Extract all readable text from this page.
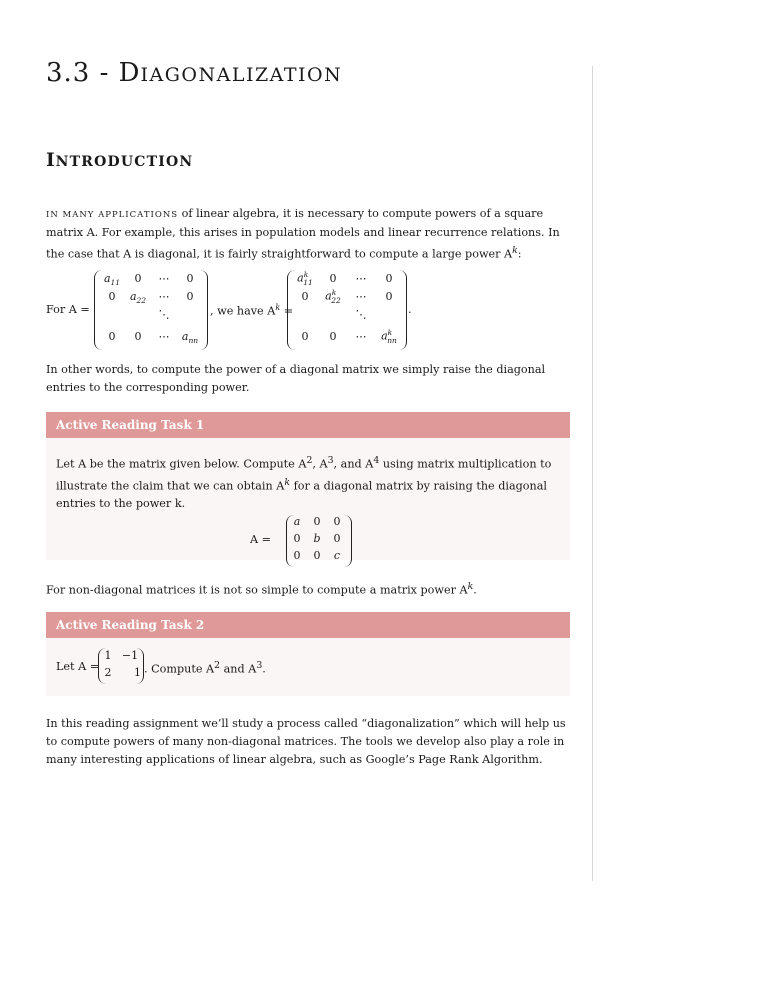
3.3 - DIAGONALIZATION
INTRODUCTION

IN MANY APPLICATIONS of linear algebra, it is necessary to compute powers of a square matrix A. For example, this arises in population models and linear recurrence relations. In the case that A is diagonal, it is fairly straightforward to compute a large power $A^k$:

For A =
$a_{11}$	0	⋯	0
0	$a_{22}$	⋯	0
⋱
0	0	⋯	$a_{nn}$
, we have $A^k$ =
$a^k_{11}$	0	⋯	0
0	$a^k_{22}$	⋯	0
⋱
0	0	⋯	$a^k_{nn}$
.

In other words, to compute the power of a diagonal matrix we simply raise the diagonal entries to the corresponding power.

Active Reading Task 1

Let A be the matrix given below. Compute $A^2$, $A^3$, and $A^4$ using matrix multiplication to illustrate the claim that we can obtain $A^k$ for a diagonal matrix by raising the diagonal entries to the power k.

A =
a	0	0
0	b	0
0	0	c

For non-diagonal matrices it is not so simple to compute a matrix power $A^k$.

Active Reading Task 2
Let A =
1 −1
2	1 . Compute $A^2$ and $A^3$.

In this reading assignment we’ll study a process called “diagonalization” which will help us to compute powers of many non-diagonal matrices. The tools we develop also play a role in many interesting applications of linear algebra, such as Google’s Page Rank Algorithm.
